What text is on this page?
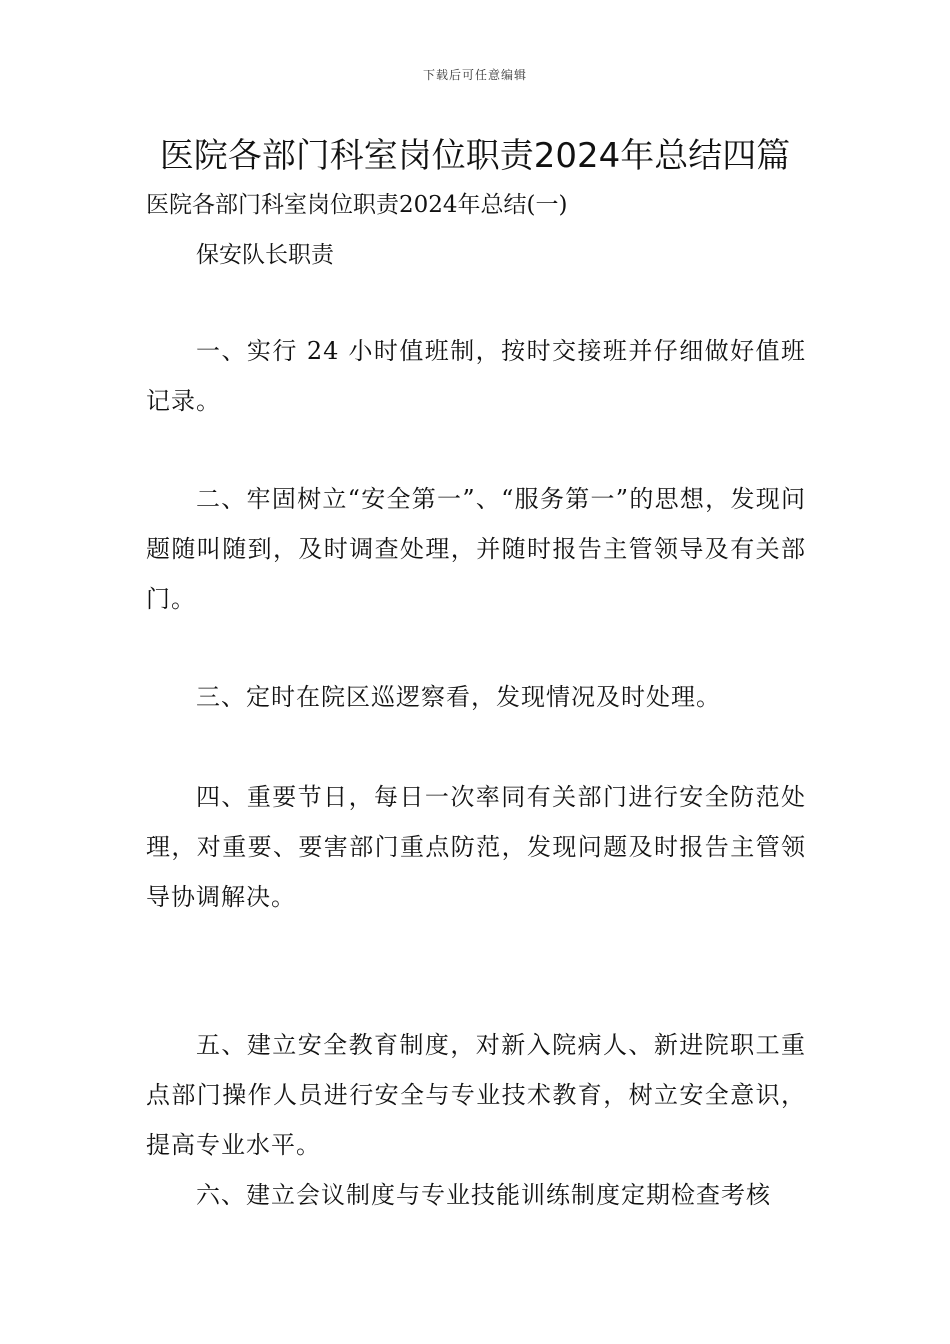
下载后可任意编辑
医院各部门科室岗位职责2024年总结四篇

医院各部门科室岗位职责2024年总结(一)

保安队长职责

一、实行 24 小时值班制，按时交接班并仔细做好值班记录。

二、牢固树立“安全第一”、“服务第一”的思想，发现问题随叫随到，及时调查处理，并随时报告主管领导及有关部门。

三、定时在院区巡逻察看，发现情况及时处理。

四、重要节日，每日一次率同有关部门进行安全防范处理，对重要、要害部门重点防范，发现问题及时报告主管领导协调解决。

五、建立安全教育制度，对新入院病人、新进院职工重点部门操作人员进行安全与专业技术教育，树立安全意识，提高专业水平。

六、建立会议制度与专业技能训练制度定期检查考核
